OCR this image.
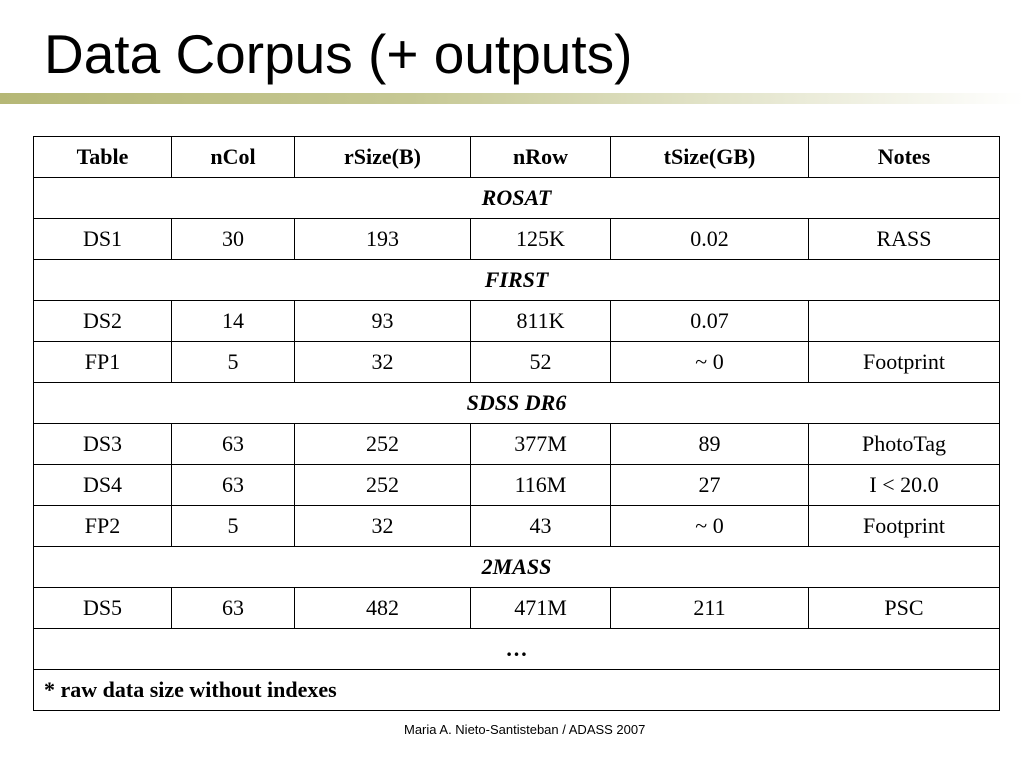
Data Corpus (+ outputs)
Table	nCol	rSize(B)	nRow	tSize(GB)	Notes
ROSAT					
DS1	30	193	125K	0.02	RASS
FIRST					
DS2	14	93	811K	0.07	
FP1	5	32	52	~ 0	Footprint
SDSS DR6					
DS3	63	252	377M	89	PhotoTag
DS4	63	252	116M	27	I < 20.0
FP2	5	32	43	~ 0	Footprint
2MASS					
DS5	63	482	471M	211	PSC
…					
* raw data size without indexes					
Maria A. Nieto-Santisteban / ADASS 2007
